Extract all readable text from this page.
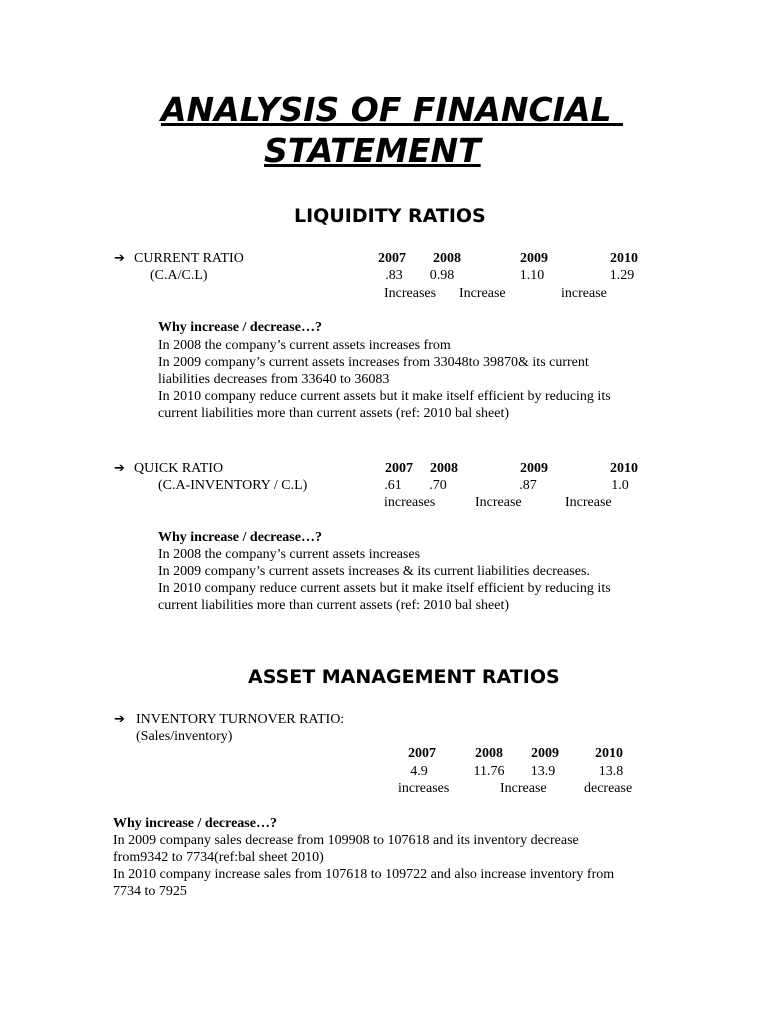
ANALYSIS OF FINANCIAL
STATEMENT
LIQUIDITY RATIOS
➔ CURRENT RATIO
(C.A/C.L)
2007	2008	2009	2010
.83	0.98	1.10	1.29
Increases Increase	increase
Why increase / decrease…?
In 2008 the company’s current assets increases from
In 2009 company’s current assets increases from 33048to 39870& its current
liabilities decreases from 33640 to 36083
In 2010 company reduce current assets but it make itself efficient by reducing its
current liabilities more than current assets (ref: 2010 bal sheet)
➔ QUICK RATIO
(C.A-INVENTORY / C.L)
2007	2008	2009	2010
.61	.70	.87	1.0
increases	Increase	Increase
Why increase / decrease…?
In 2008 the company’s current assets increases
In 2009 company’s current assets increases & its current liabilities decreases.
In 2010 company reduce current assets but it make itself efficient by reducing its
current liabilities more than current assets (ref: 2010 bal sheet)
ASSET MANAGEMENT RATIOS
➔ INVENTORY TURNOVER RATIO:
(Sales/inventory)
2007	2008	2009	2010
4.9	11.76	13.9	13.8
increases	Increase	decrease
Why increase / decrease…?
In 2009 company sales decrease from 109908 to 107618 and its inventory decrease
from9342 to 7734(ref:bal sheet 2010)
In 2010 company increase sales from 107618 to 109722 and also increase inventory from
7734 to 7925
